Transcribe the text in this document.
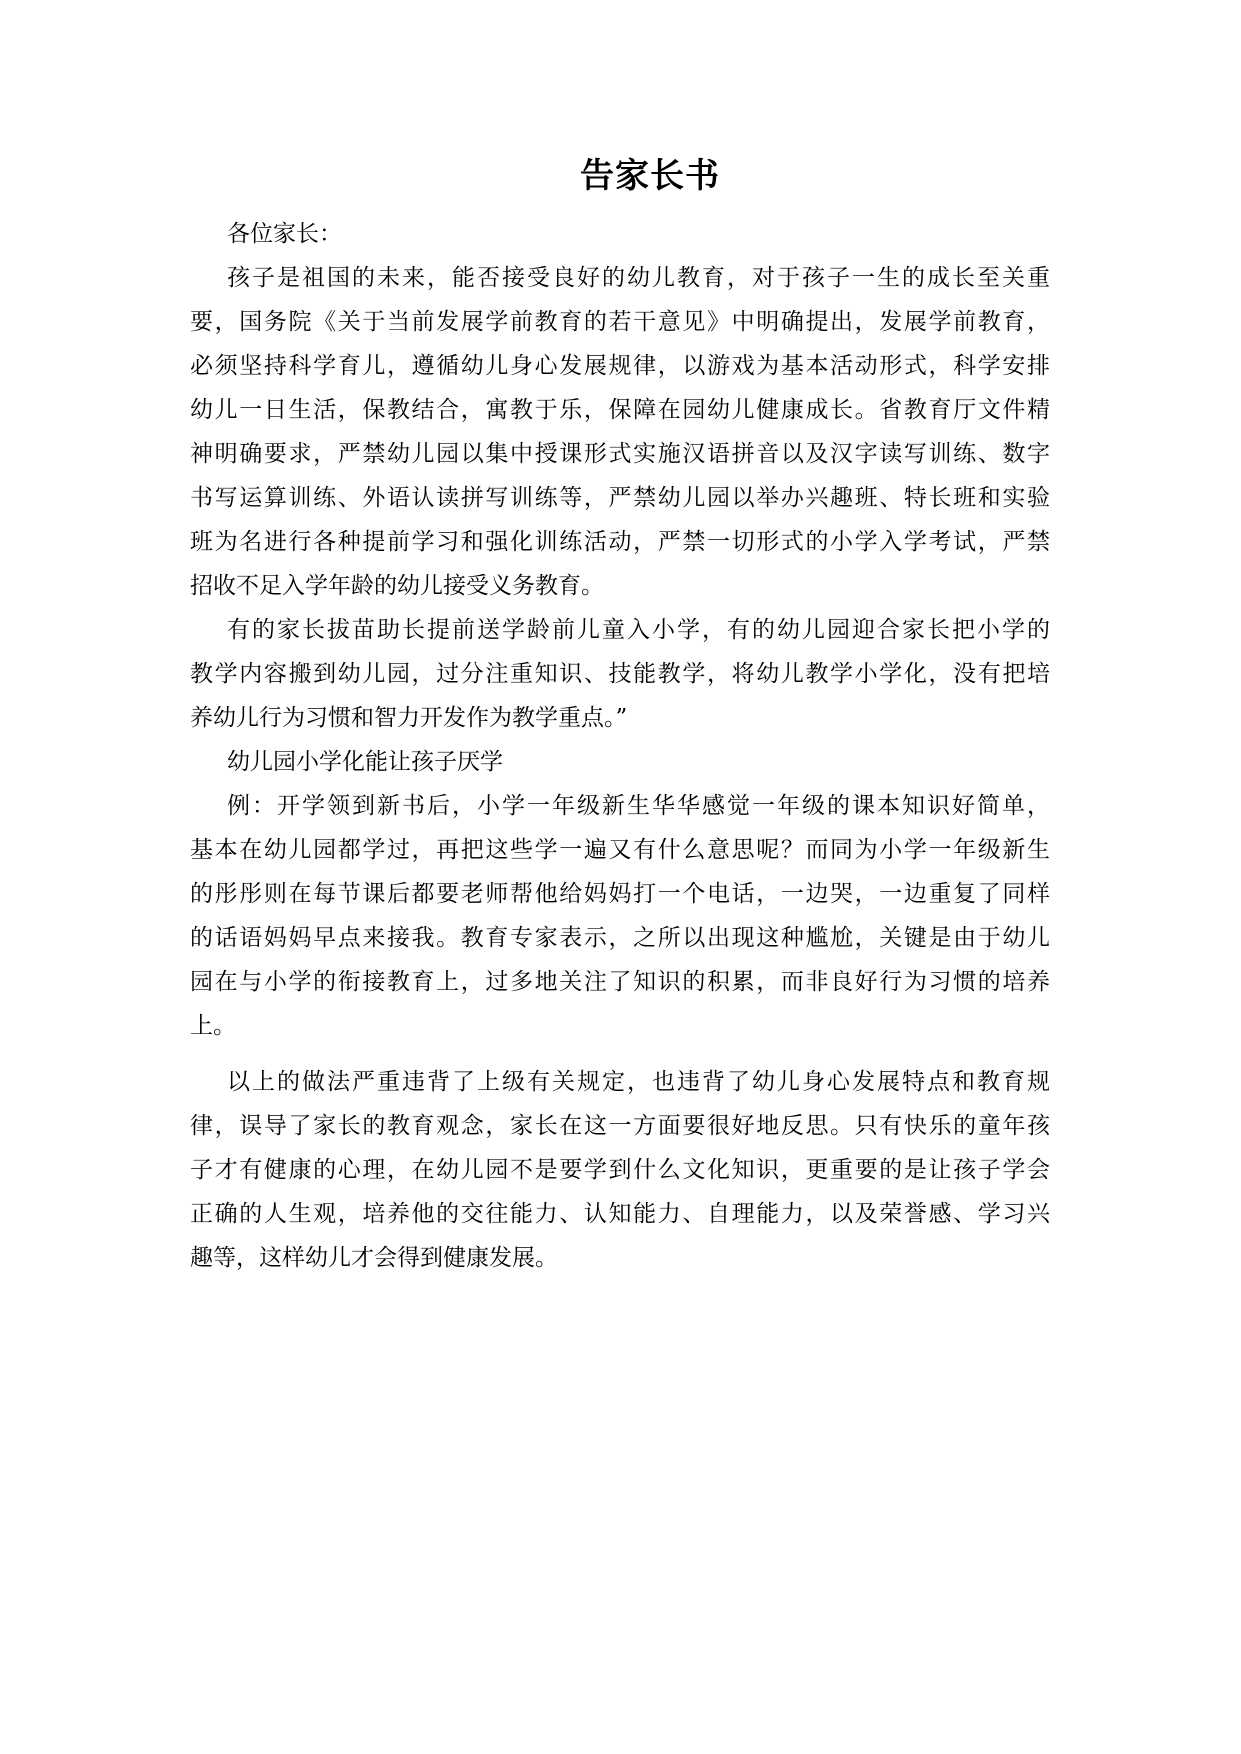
告家长书
各位家长：
孩子是祖国的未来，能否接受良好的幼儿教育，对于孩子一生的成长至关重
要，国务院《关于当前发展学前教育的若干意见》中明确提出，发展学前教育，
必须坚持科学育儿，遵循幼儿身心发展规律，以游戏为基本活动形式，科学安排
幼儿一日生活，保教结合，寓教于乐，保障在园幼儿健康成长。省教育厅文件精
神明确要求，严禁幼儿园以集中授课形式实施汉语拼音以及汉字读写训练、数字
书写运算训练、外语认读拼写训练等，严禁幼儿园以举办兴趣班、特长班和实验
班为名进行各种提前学习和强化训练活动，严禁一切形式的小学入学考试，严禁
招收不足入学年龄的幼儿接受义务教育。
有的家长拔苗助长提前送学龄前儿童入小学，有的幼儿园迎合家长把小学的
教学内容搬到幼儿园，过分注重知识、技能教学，将幼儿教学小学化，没有把培
养幼儿行为习惯和智力开发作为教学重点。”
幼儿园小学化能让孩子厌学
例：开学领到新书后，小学一年级新生华华感觉一年级的课本知识好简单，
基本在幼儿园都学过，再把这些学一遍又有什么意思呢？而同为小学一年级新生
的彤彤则在每节课后都要老师帮他给妈妈打一个电话，一边哭，一边重复了同样
的话语妈妈早点来接我。教育专家表示，之所以出现这种尴尬，关键是由于幼儿
园在与小学的衔接教育上，过多地关注了知识的积累，而非良好行为习惯的培养
上。
以上的做法严重违背了上级有关规定，也违背了幼儿身心发展特点和教育规
律，误导了家长的教育观念，家长在这一方面要很好地反思。只有快乐的童年孩
子才有健康的心理，在幼儿园不是要学到什么文化知识，更重要的是让孩子学会
正确的人生观，培养他的交往能力、认知能力、自理能力，以及荣誉感、学习兴
趣等，这样幼儿才会得到健康发展。
